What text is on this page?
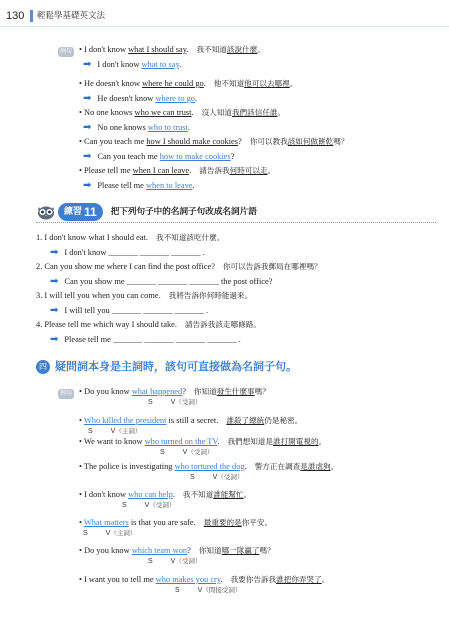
130 輕鬆學基礎英文法
例句 • I don't know what I should say. 我不知道該說什麼。
➡ I don't know what to say.
• He doesn't know where he could go. 他不知道他可以去哪裡。
➡ He doesn't know where to go.
• No one knows who we can trust. 沒人知道我們該信任誰。
➡ No one knows who to trust.
• Can you teach me how I should make cookies? 你可以教我該如何做餅乾嗎？
➡ Can you teach me how to make cookies?
• Please tell me when I can leave. 請告訴我何時可以走。
➡ Please tell me when to leave.
練習 11 把下列句子中的名詞子句改成名詞片語
1. I don't know what I should eat. 我不知道該吃什麼。
➡ I don't know _______ _______ _______ .
2. Can you show me where I can find the post office? 你可以告訴我郵局在哪裡嗎？
➡ Can you show me _______ _______ _______ the post office?
3. I will tell you when you can come. 我將告訴你何時能過來。
➡ I will tell you _______ _______ _______ .
4. Please tell me which way I should take. 請告訴我該走哪條路。
➡ Please tell me _______ _______ _______ _______ .
四 疑問詞本身是主詞時，該句可直接做為名詞子句。
例句 • Do you know what happened? 你知道發生什麼事嗎？
S	V（受詞）
• Who killed the president is still a secret. 誰殺了總統仍是秘密。
S	V（主詞）
• We want to know who turned on the TV. 我們想知道是誰打開電視的。
S	V（受詞）
• The police is investigating who tortured the dog. 警方正在調查是誰虐狗。
S	V（受詞）
• I don't know who can help. 我不知道誰能幫忙。
S	V（受詞）
• What matters is that you are safe. 最重要的是你平安。
S	V（主詞）
• Do you know which team won? 你知道哪一隊贏了嗎？
S	V（受詞）
• I want you to tell me who makes you cry. 我要你告訴我誰把你弄哭了。
S	V（間接受詞）
